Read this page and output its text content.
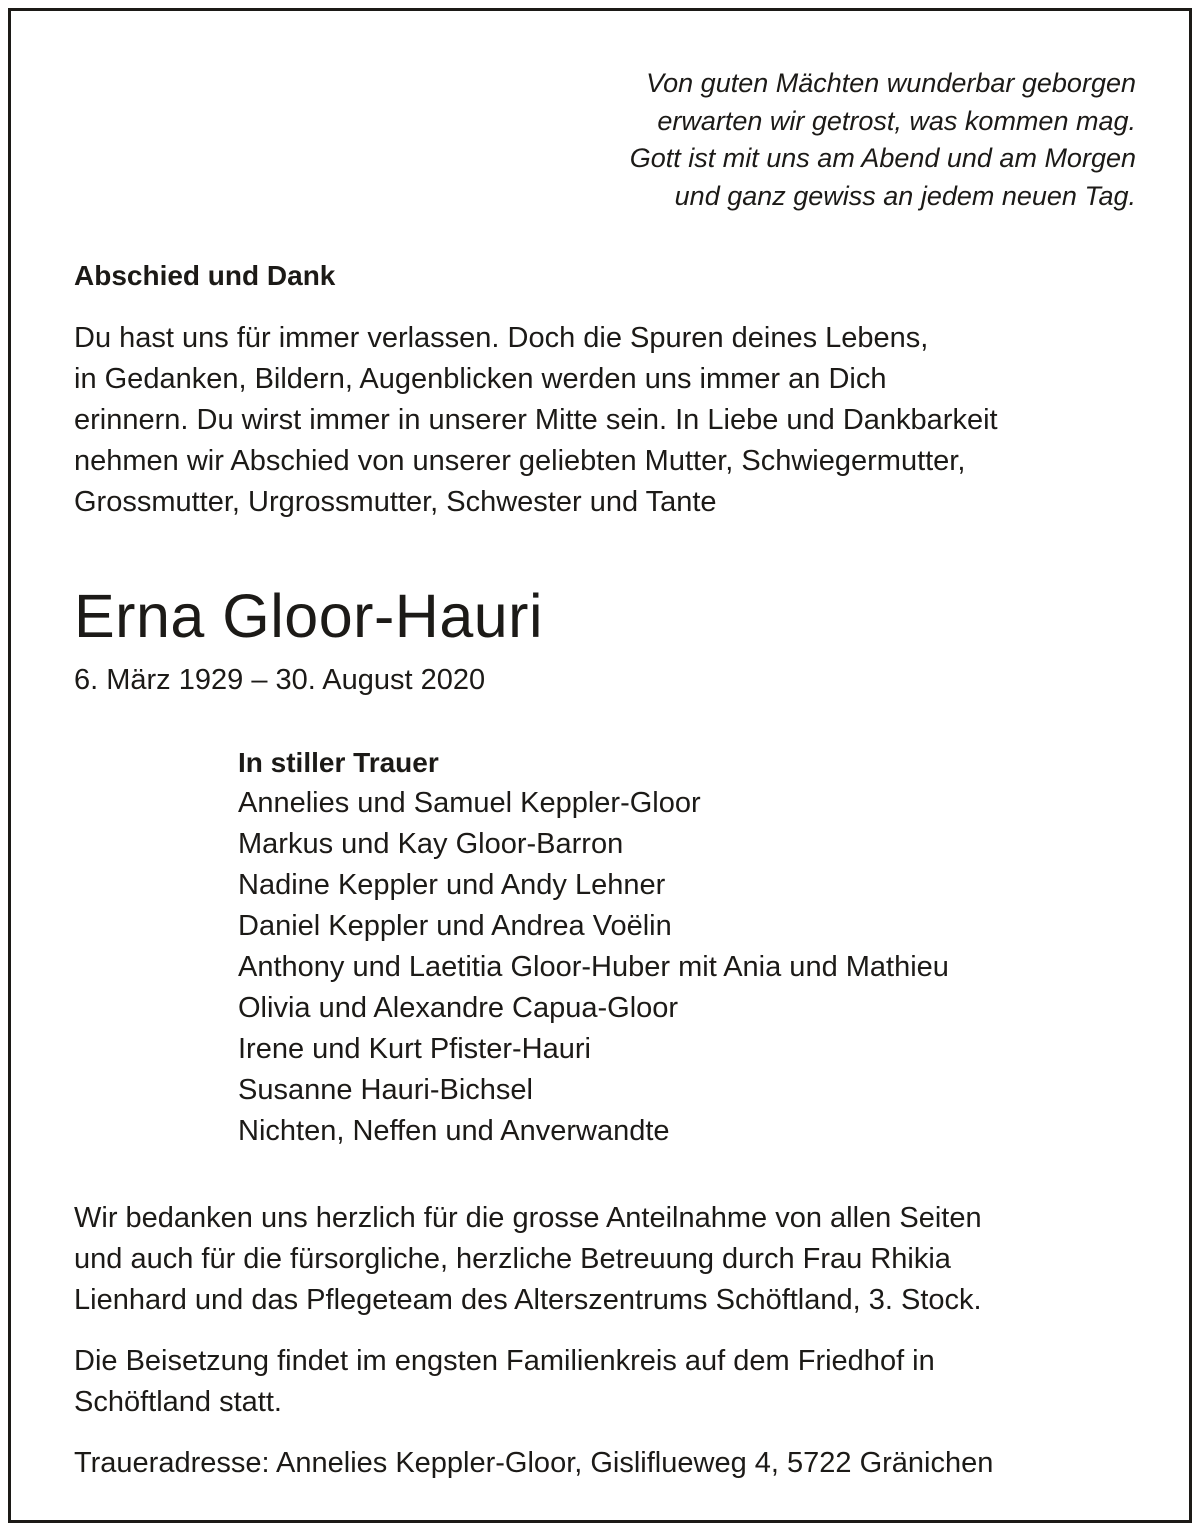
Von guten Mächten wunderbar geborgen
erwarten wir getrost, was kommen mag.
Gott ist mit uns am Abend und am Morgen
und ganz gewiss an jedem neuen Tag.
Abschied und Dank

Du hast uns für immer verlassen. Doch die Spuren deines Lebens,
in Gedanken, Bildern, Augenblicken werden uns immer an Dich
erinnern. Du wirst immer in unserer Mitte sein. In Liebe und Dankbarkeit
nehmen wir Abschied von unserer geliebten Mutter, Schwiegermutter,
Grossmutter, Urgrossmutter, Schwester und Tante

Erna Gloor-Hauri
6. März 1929 – 30. August 2020
In stiller Trauer
Annelies und Samuel Keppler-Gloor
Markus und Kay Gloor-Barron
Nadine Keppler und Andy Lehner
Daniel Keppler und Andrea Voëlin
Anthony und Laetitia Gloor-Huber mit Ania und Mathieu
Olivia und Alexandre Capua-Gloor
Irene und Kurt Pfister-Hauri
Susanne Hauri-Bichsel
Nichten, Neffen und Anverwandte

Wir bedanken uns herzlich für die grosse Anteilnahme von allen Seiten
und auch für die fürsorgliche, herzliche Betreuung durch Frau Rhikia
Lienhard und das Pflegeteam des Alterszentrums Schöftland, 3. Stock.

Die Beisetzung findet im engsten Familienkreis auf dem Friedhof in
Schöftland statt.

Traueradresse: Annelies Keppler-Gloor, Gisliflueweg 4, 5722 Gränichen
